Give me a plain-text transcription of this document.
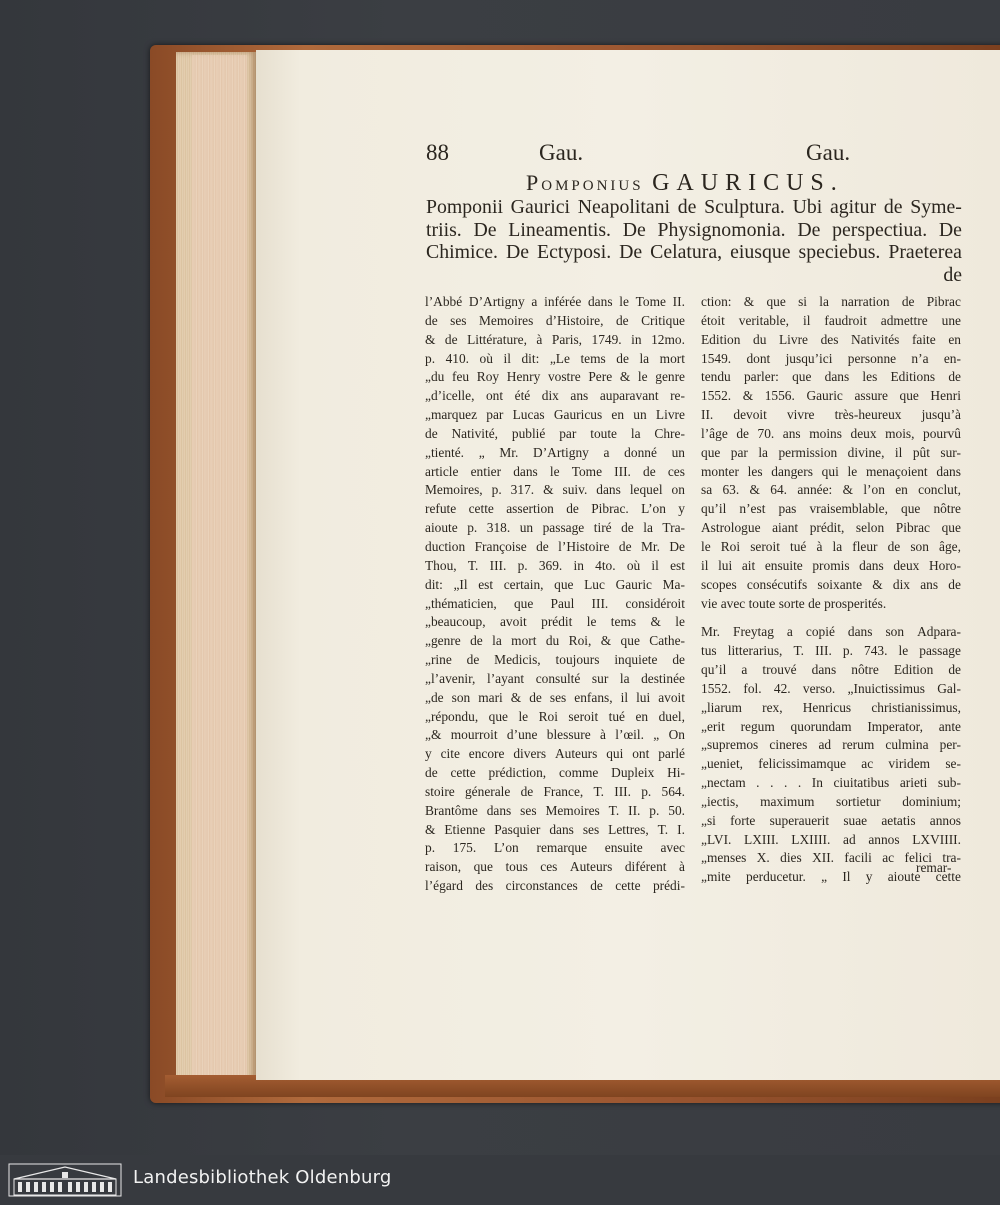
88	Gau.	Gau.
Pomponius GAURICUS.
Pomponii Gaurici Neapolitani de Sculptura. Ubi agitur de Syme-
triis. De Lineamentis. De Physignomonia. De perspectiua. De
Chimice. De Ectyposi. De Celatura, eiusque speciebus. Praeterea
de
l’Abbé D’Artigny a inférée dans le Tome II.
de ses Memoires d’Histoire, de Critique
& de Littérature, à Paris, 1749. in 12mo.
p. 410. où il dit: „Le tems de la mort
„du feu Roy Henry vostre Pere & le genre
„d’icelle, ont été dix ans auparavant re-
„marquez par Lucas Gauricus en un Livre
de Nativité, publié par toute la Chre-
„tienté. „ Mr. D’Artigny a donné un
article entier dans le Tome III. de ces
Memoires, p. 317. & suiv. dans lequel on
refute cette assertion de Pibrac. L’on y
aioute p. 318. un passage tiré de la Tra-
duction Françoise de l’Histoire de Mr. De
Thou, T. III. p. 369. in 4to. où il est
dit: „Il est certain, que Luc Gauric Ma-
„thématicien, que Paul III. considéroit
„beaucoup, avoit prédit le tems & le
„genre de la mort du Roi, & que Cathe-
„rine de Medicis, toujours inquiete de
„l’avenir, l’ayant consulté sur la destinée
„de son mari & de ses enfans, il lui avoit
„répondu, que le Roi seroit tué en duel,
„& mourroit d’une blessure à l’œil. „ On
y cite encore divers Auteurs qui ont parlé
de cette prédiction, comme Dupleix Hi-
stoire génerale de France, T. III. p. 564.
Brantôme dans ses Memoires T. II. p. 50.
& Etienne Pasquier dans ses Lettres, T. I.
p. 175. L’on remarque ensuite avec
raison, que tous ces Auteurs diférent à
l’égard des circonstances de cette prédi-
ction: & que si la narration de Pibrac
étoit veritable, il faudroit admettre une
Edition du Livre des Nativités faite en
1549. dont jusqu’ici personne n’a en-
tendu parler: que dans les Editions de
1552. & 1556. Gauric assure que Henri
II. devoit vivre très-heureux jusqu’à
l’âge de 70. ans moins deux mois, pourvû
que par la permission divine, il pût sur-
monter les dangers qui le menaçoient dans
sa 63. & 64. année: & l’on en conclut,
qu’il n’est pas vraisemblable, que nôtre
Astrologue aiant prédit, selon Pibrac que
le Roi seroit tué à la fleur de son âge,
il lui ait ensuite promis dans deux Horo-
scopes consécutifs soixante & dix ans de
vie avec toute sorte de prosperités.
Mr. Freytag a copié dans son Adpara-
tus litterarius, T. III. p. 743. le passage
qu’il a trouvé dans nôtre Edition de
1552. fol. 42. verso. „Inuictissimus Gal-
„liarum rex, Henricus christianissimus,
„erit regum quorundam Imperator, ante
„supremos cineres ad rerum culmina per-
„ueniet, felicissimamque ac viridem se-
„nectam . . . . In ciuitatibus arieti sub-
„iectis, maximum sortietur dominium;
„si forte superauerit suae aetatis annos
„LVI. LXIII. LXIIII. ad annos LXVIIII.
„menses X. dies XII. facili ac felici tra-
„mite perducetur. „ Il y aioute cette
remar-
Landesbibliothek Oldenburg
